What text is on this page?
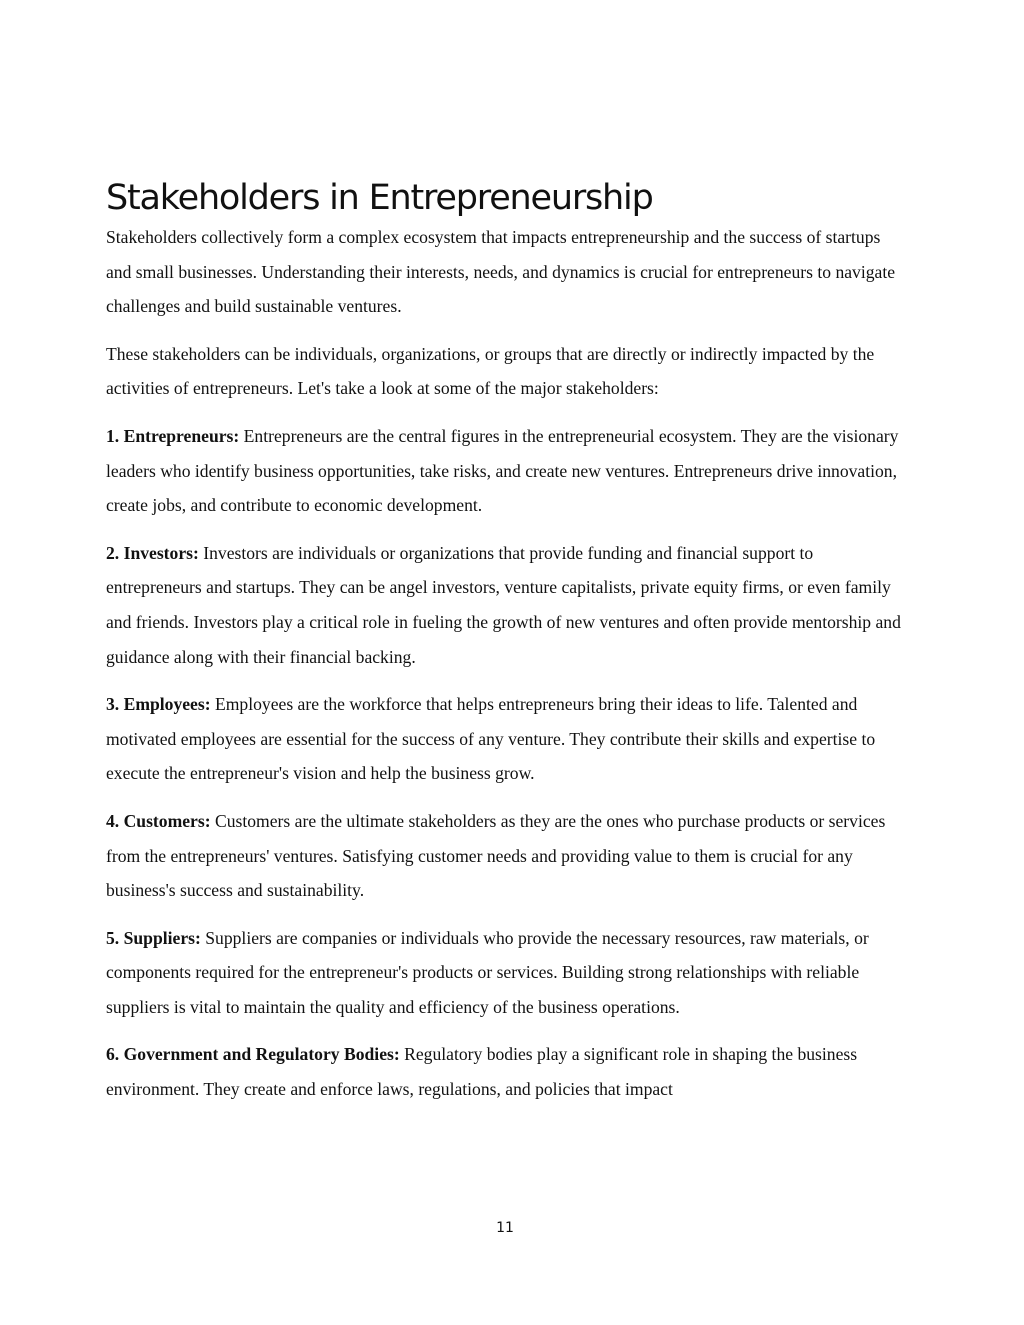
Stakeholders in Entrepreneurship

Stakeholders collectively form a complex ecosystem that impacts entrepreneurship and the success of startups and small businesses. Understanding their interests, needs, and dynamics is crucial for entrepreneurs to navigate challenges and build sustainable ventures.

These stakeholders can be individuals, organizations, or groups that are directly or indirectly impacted by the activities of entrepreneurs. Let's take a look at some of the major stakeholders:

1. Entrepreneurs: Entrepreneurs are the central figures in the entrepreneurial ecosystem. They are the visionary leaders who identify business opportunities, take risks, and create new ventures. Entrepreneurs drive innovation, create jobs, and contribute to economic development.

2. Investors: Investors are individuals or organizations that provide funding and financial support to entrepreneurs and startups. They can be angel investors, venture capitalists, private equity firms, or even family and friends. Investors play a critical role in fueling the growth of new ventures and often provide mentorship and guidance along with their financial backing.

3. Employees: Employees are the workforce that helps entrepreneurs bring their ideas to life. Talented and motivated employees are essential for the success of any venture. They contribute their skills and expertise to execute the entrepreneur's vision and help the business grow.

4. Customers: Customers are the ultimate stakeholders as they are the ones who purchase products or services from the entrepreneurs' ventures. Satisfying customer needs and providing value to them is crucial for any business's success and sustainability.

5. Suppliers: Suppliers are companies or individuals who provide the necessary resources, raw materials, or components required for the entrepreneur's products or services. Building strong relationships with reliable suppliers is vital to maintain the quality and efficiency of the business operations.

6. Government and Regulatory Bodies: Regulatory bodies play a significant role in shaping the business environment. They create and enforce laws, regulations, and policies that impact

11
